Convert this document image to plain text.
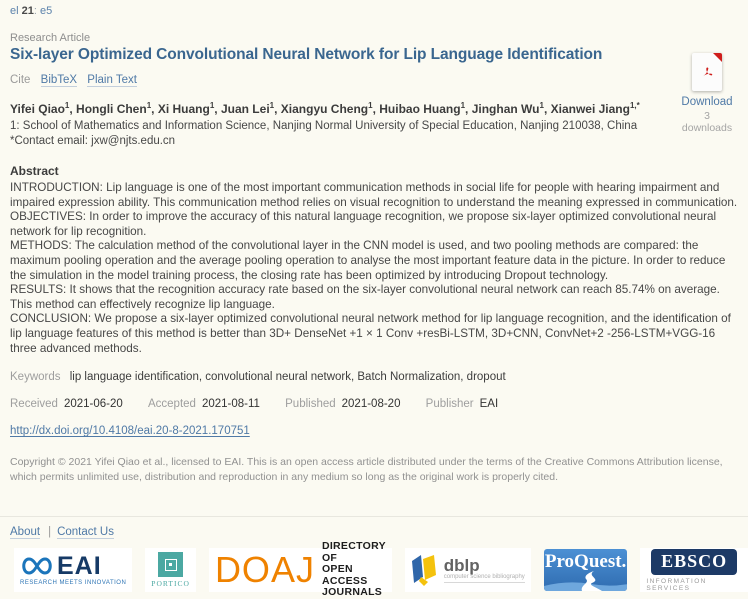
el 21: e5
Research Article
Six-layer Optimized Convolutional Neural Network for Lip Language Identification
Cite BibTeX Plain Text
Yifei Qiao$^1$, Hongli Chen$^1$, Xi Huang$^1$, Juan Lei$^1$, Xiangyu Cheng$^1$, Huibao Huang$^1$, Jinghan Wu$^1$, Xianwei Jiang$^{1,*}$
1: School of Mathematics and Information Science, Nanjing Normal University of Special Education, Nanjing 210038, China
*Contact email: jxw@njts.edu.cn
Download
3 downloads
Abstract

INTRODUCTION: Lip language is one of the most important communication methods in social life for people with hearing impairment and impaired expression ability. This communication method relies on visual recognition to understand the meaning expressed in communication.

OBJECTIVES: In order to improve the accuracy of this natural language recognition, we propose six-layer optimized convolutional neural network for lip recognition.

METHODS: The calculation method of the convolutional layer in the CNN model is used, and two pooling methods are compared: the maximum pooling operation and the average pooling operation to analyse the most important feature data in the picture. In order to reduce the simulation in the model training process, the closing rate has been optimized by introducing Dropout technology.

RESULTS: It shows that the recognition accuracy rate based on the six-layer convolutional neural network can reach 85.74% on average. This method can effectively recognize lip language.

CONCLUSION: We propose a six-layer optimized convolutional neural network method for lip language recognition, and the identification of lip language features of this method is better than 3D+ DenseNet +1 × 1 Conv +resBi-LSTM, 3D+CNN, ConvNet+2 -256-LSTM+VGG-16 three advanced methods.

Keywords lip language identification, convolutional neural network, Batch Normalization, dropout
Received 2021-06-20 Accepted 2021-08-11 Published 2021-08-20 Publisher EAI
http://dx.doi.org/10.4108/eai.20-8-2021.170751
Copyright © 2021 Yifei Qiao et al., licensed to EAI. This is an open access article distributed under the terms of the Creative Commons Attribution license, which permits unlimited use, distribution and reproduction in any medium so long as the original work is properly cited.
About | Contact Us
EAI
RESEARCH MEETS INNOVATION	PORTICO DOAJ
DIRECTORY OF
OPEN ACCESS
JOURNALS
dblp
computer science bibliography
ProQuest.	EBSCO
INFORMATION SERVICES
